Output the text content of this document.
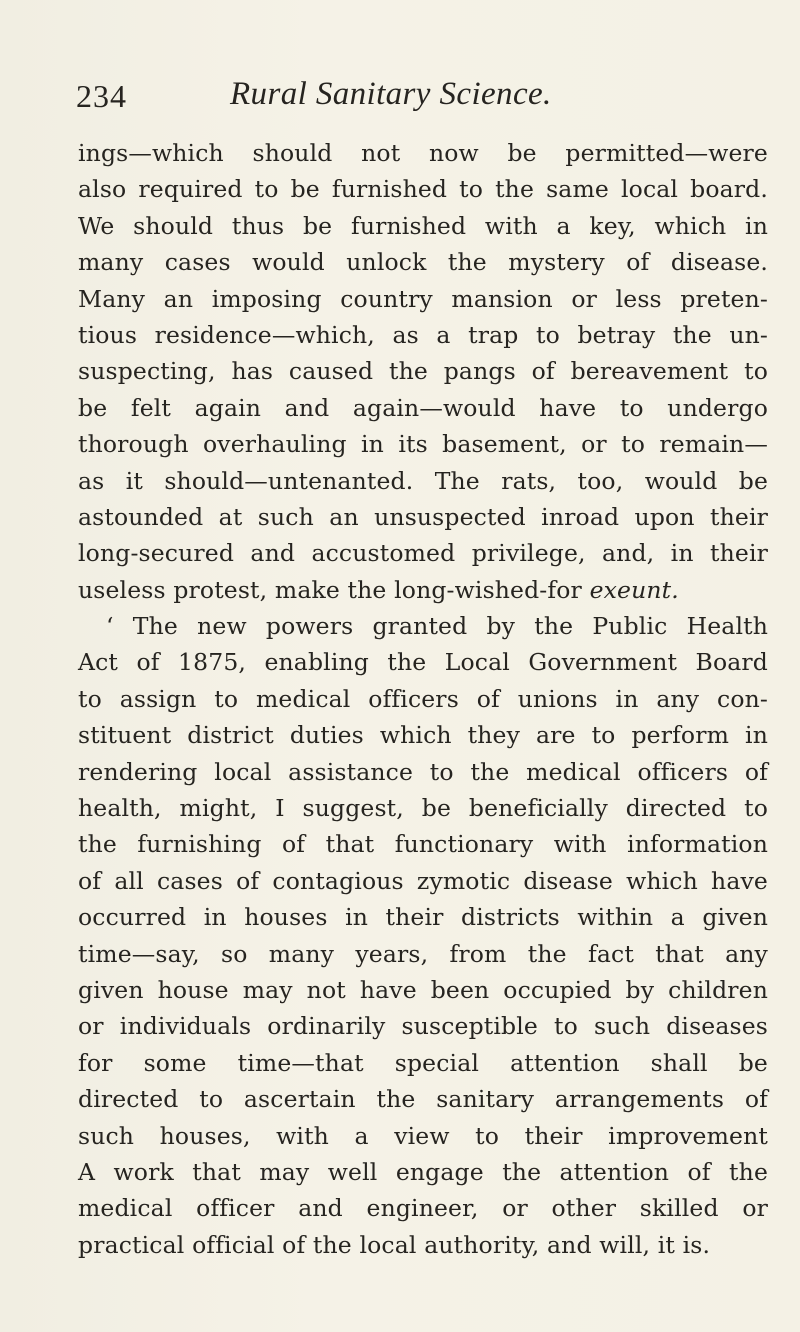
234	Rural Sanitary Science.
ings—which should not now be permitted—were
also required to be furnished to the same local board.
We should thus be furnished with a key, which in
many cases would unlock the mystery of disease.
Many an imposing country mansion or less preten-
tious residence—which, as a trap to betray the un-
suspecting, has caused the pangs of bereavement to
be felt again and again—would have to undergo
thorough overhauling in its basement, or to remain—
as it should—untenanted. The rats, too, would be
astounded at such an unsuspected inroad upon their
long-secured and accustomed privilege, and, in their
useless protest, make the long-wished-for exeunt.
‘ The new powers granted by the Public Health
Act of 1875, enabling the Local Government Board
to assign to medical officers of unions in any con-
stituent district duties which they are to perform in
rendering local assistance to the medical officers of
health, might, I suggest, be beneficially directed to
the furnishing of that functionary with information
of all cases of contagious zymotic disease which have
occurred in houses in their districts within a given
time—say, so many years, from the fact that any
given house may not have been occupied by children
or individuals ordinarily susceptible to such diseases
for some time—that special attention shall be
directed to ascertain the sanitary arrangements of
such houses, with a view to their improvement
A work that may well engage the attention of the
medical officer and engineer, or other skilled or
practical official of the local authority, and will, it is.
